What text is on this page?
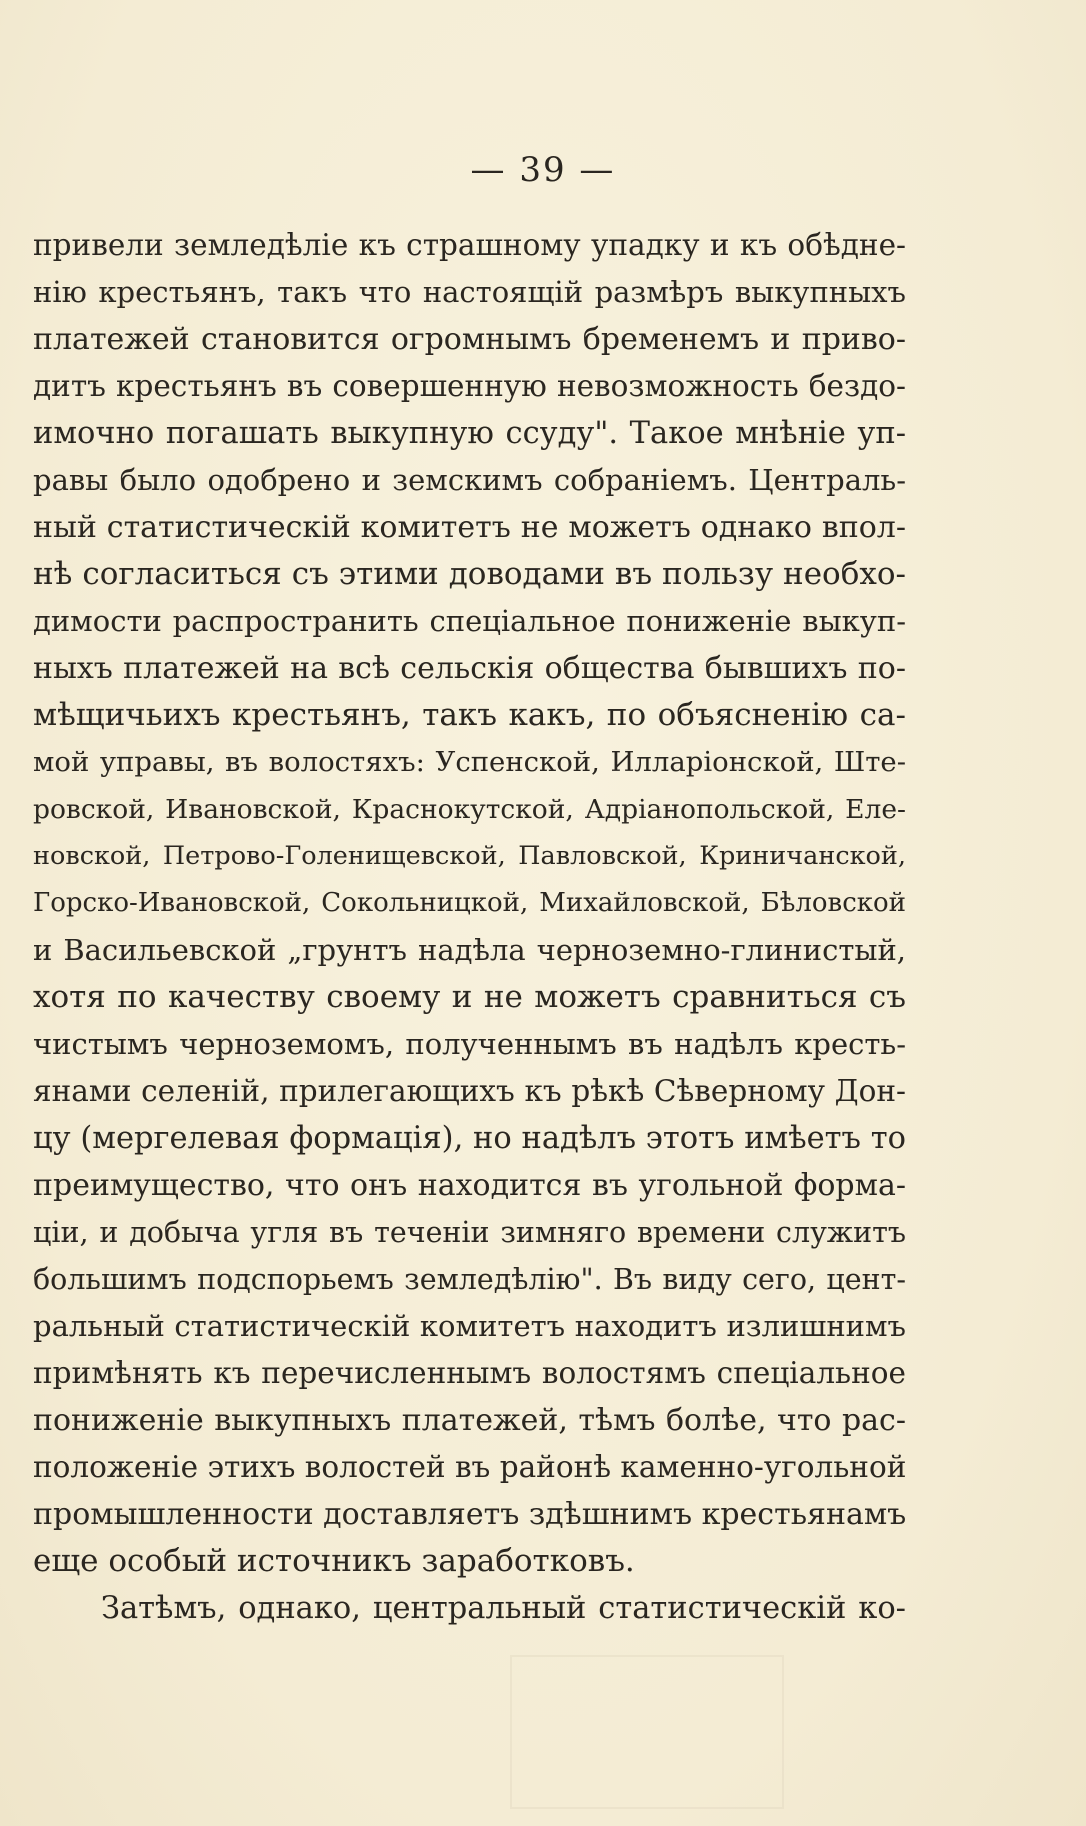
— 39 —
привели земледѣліе къ страшному упадку и къ обѣдне-
нію крестьянъ, такъ что настоящій размѣръ выкупныхъ
платежей становится огромнымъ бременемъ и приво-
дитъ крестьянъ въ совершенную невозможность бездо-
имочно погашать выкупную ссуду". Такое мнѣніе уп-
равы было одобрено и земскимъ собраніемъ. Централь-
ный статистическій комитетъ не можетъ однако впол-
нѣ согласиться съ этими доводами въ пользу необхо-
димости распространить спеціальное пониженіе выкуп-
ныхъ платежей на всѣ сельскія общества бывшихъ по-
мѣщичьихъ крестьянъ, такъ какъ, по объясненію са-
мой управы, въ волостяхъ: Успенской, Илларіонской, Ште-
ровской, Ивановской, Краснокутской, Адріанопольской, Еле-
новской, Петрово-Голенищевской, Павловской, Криничанской,
Горско-Ивановской, Сокольницкой, Михайловской, Бѣловской
и Васильевской „грунтъ надѣла черноземно-глинистый,
хотя по качеству своему и не можетъ сравниться съ
чистымъ черноземомъ, полученнымъ въ надѣлъ кресть-
янами селеній, прилегающихъ къ рѣкѣ Сѣверному Дон-
цу (мергелевая формація), но надѣлъ этотъ имѣетъ то
преимущество, что онъ находится въ угольной форма-
ціи, и добыча угля въ теченіи зимняго времени служитъ
большимъ подспорьемъ земледѣлію". Въ виду сего, цент-
ральный статистическій комитетъ находитъ излишнимъ
примѣнять къ перечисленнымъ волостямъ спеціальное
пониженіе выкупныхъ платежей, тѣмъ болѣе, что рас-
положеніе этихъ волостей въ районѣ каменно-угольной
промышленности доставляетъ здѣшнимъ крестьянамъ
еще особый источникъ заработковъ.
Затѣмъ, однако, центральный статистическій ко-
